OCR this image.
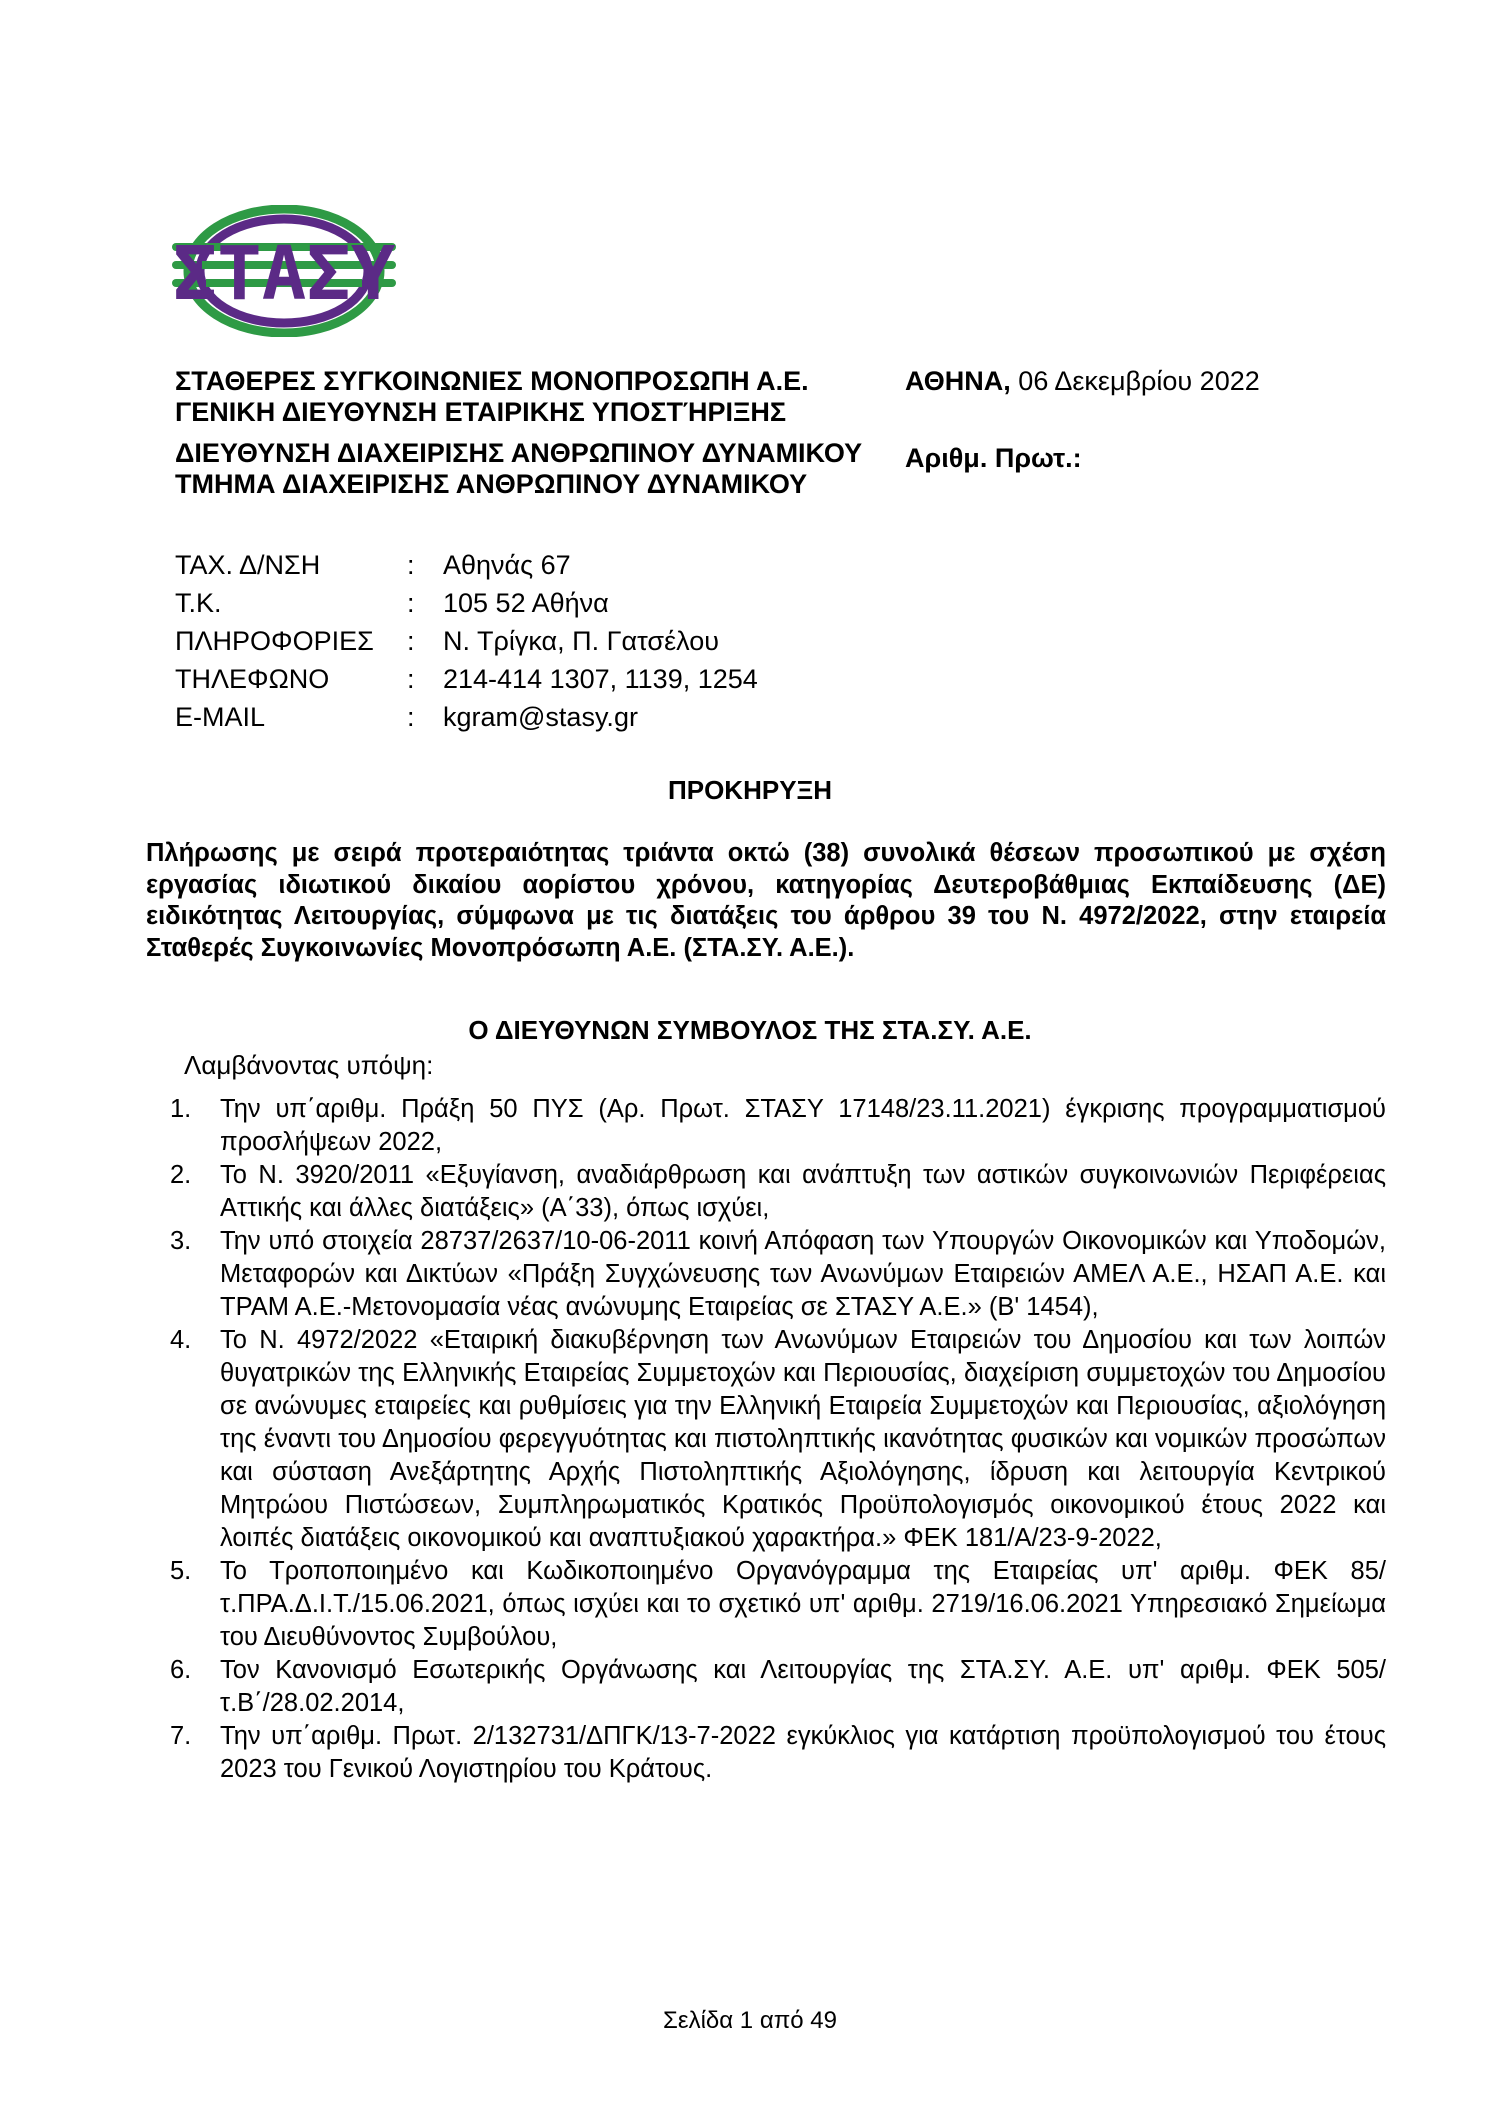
ΣΤΑΣΥ
ΣΤΑΘΕΡΕΣ ΣΥΓΚΟΙΝΩΝΙΕΣ ΜΟΝΟΠΡΟΣΩΠΗ Α.Ε.
ΓΕΝΙΚΗ ΔΙΕΥΘΥΝΣΗ ΕΤΑΙΡΙΚΗΣ ΥΠΟΣΤΉΡΙΞΗΣ
ΔΙΕΥΘΥΝΣΗ ΔΙΑΧΕΙΡΙΣΗΣ ΑΝΘΡΩΠΙΝΟΥ ΔΥΝΑΜΙΚΟΥ
ΤΜΗΜΑ ΔΙΑΧΕΙΡΙΣΗΣ ΑΝΘΡΩΠΙΝΟΥ ΔΥΝΑΜΙΚΟΥ
ΑΘΗΝΑ, 06 Δεκεμβρίου 2022
Αριθμ. Πρωτ.:
ΤΑΧ. Δ/ΝΣΗ	:	Αθηνάς 67
Τ.Κ.	:	105 52 Αθήνα
ΠΛΗΡΟΦΟΡΙΕΣ	:	Ν. Τρίγκα, Π. Γατσέλου
ΤΗΛΕΦΩΝΟ	:	214-414 1307, 1139, 1254
E-MAIL	:	kgram@stasy.gr
ΠΡΟΚΗΡΥΞΗ
Πλήρωσης με σειρά προτεραιότητας τριάντα οκτώ (38) συνολικά θέσεων προσωπικού με σχέση εργασίας ιδιωτικού δικαίου αορίστου χρόνου, κατηγορίας Δευτεροβάθμιας Εκπαίδευσης (ΔΕ) ειδικότητας Λειτουργίας, σύμφωνα με τις διατάξεις του άρθρου 39 του Ν. 4972/2022, στην εταιρεία Σταθερές Συγκοινωνίες Μονοπρόσωπη Α.Ε. (ΣΤΑ.ΣΥ. Α.Ε.).
Ο ΔΙΕΥΘΥΝΩΝ ΣΥΜΒΟΥΛΟΣ ΤΗΣ ΣΤΑ.ΣΥ. Α.Ε.
Λαμβάνοντας υπόψη:
1.	Την υπ΄αριθμ. Πράξη 50 ΠΥΣ (Αρ. Πρωτ. ΣΤΑΣΥ 17148/23.11.2021) έγκρισης προγραμματισμού προσλήψεων 2022,
2.	Το Ν. 3920/2011 «Εξυγίανση, αναδιάρθρωση και ανάπτυξη των αστικών συγκοινωνιών Περιφέρειας Αττικής και άλλες διατάξεις» (Α΄33), όπως ισχύει,
3.	Την υπό στοιχεία 28737/2637/10-06-2011 κοινή Απόφαση των Υπουργών Οικονομικών και Υποδομών, Μεταφορών και Δικτύων «Πράξη Συγχώνευσης των Ανωνύμων Εταιρειών ΑΜΕΛ Α.Ε., ΗΣΑΠ Α.Ε. και ΤΡΑΜ Α.Ε.-Μετονομασία νέας ανώνυμης Εταιρείας σε ΣΤΑΣΥ Α.Ε.» (Β' 1454),
4.	Το Ν. 4972/2022 «Εταιρική διακυβέρνηση των Ανωνύμων Εταιρειών του Δημοσίου και των λοιπών θυγατρικών της Ελληνικής Εταιρείας Συμμετοχών και Περιουσίας, διαχείριση συμμετοχών του Δημοσίου σε ανώνυμες εταιρείες και ρυθμίσεις για την Ελληνική Εταιρεία Συμμετοχών και Περιουσίας, αξιολόγηση της έναντι του Δημοσίου φερεγγυότητας και πιστοληπτικής ικανότητας φυσικών και νομικών προσώπων και σύσταση Ανεξάρτητης Αρχής Πιστοληπτικής Αξιολόγησης, ίδρυση και λειτουργία Κεντρικού Μητρώου Πιστώσεων, Συμπληρωματικός Κρατικός Προϋπολογισμός οικονομικού έτους 2022 και λοιπές διατάξεις οικονομικού και αναπτυξιακού χαρακτήρα.» ΦΕΚ 181/Α/23-9-2022,
5.	Το Τροποποιημένο και Κωδικοποιημένο Οργανόγραμμα της Εταιρείας υπ' αριθμ. ΦΕΚ 85/τ.ΠΡΑ.Δ.Ι.Τ./15.06.2021, όπως ισχύει και το σχετικό υπ' αριθμ. 2719/16.06.2021 Υπηρεσιακό Σημείωμα του Διευθύνοντος Συμβούλου,
6.	Τον Κανονισμό Εσωτερικής Οργάνωσης και Λειτουργίας της ΣΤΑ.ΣΥ. Α.Ε. υπ' αριθμ. ΦΕΚ 505/τ.Β΄/28.02.2014,
7.	Την υπ΄αριθμ. Πρωτ. 2/132731/ΔΠΓΚ/13-7-2022 εγκύκλιος για κατάρτιση προϋπολογισμού του έτους 2023 του Γενικού Λογιστηρίου του Κράτους.
Σελίδα 1 από 49
